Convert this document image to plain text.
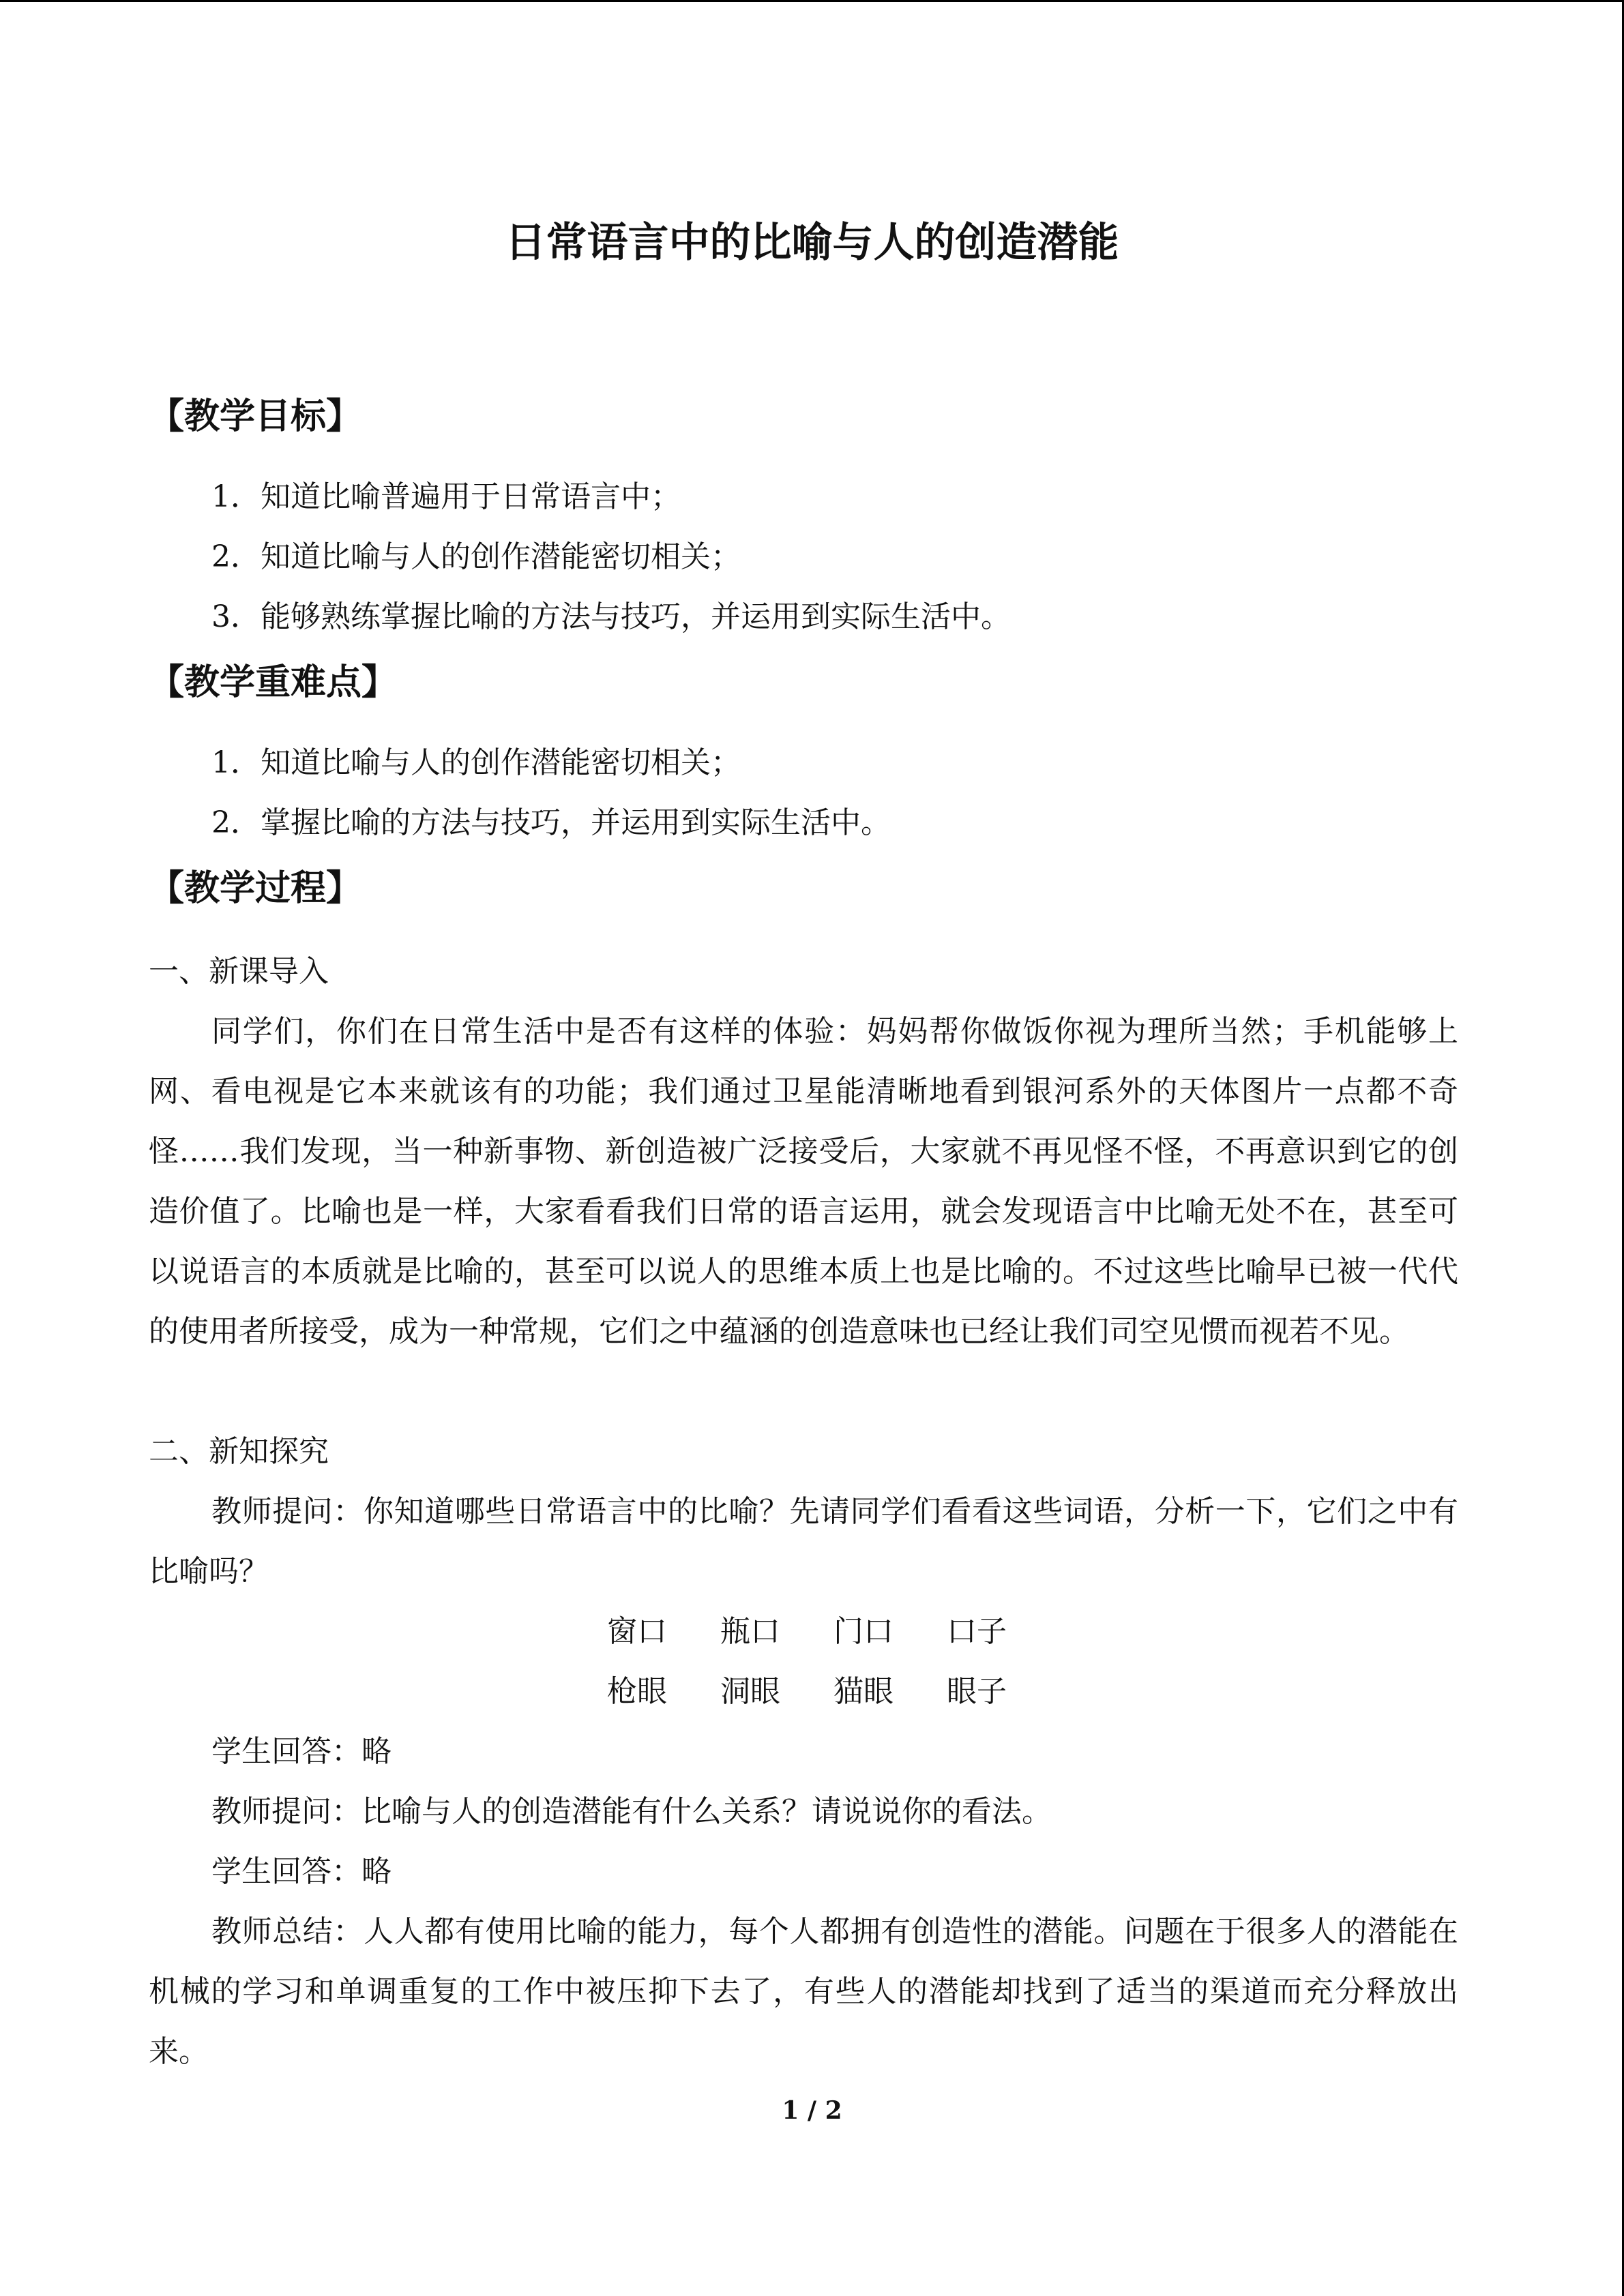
日常语言中的比喻与人的创造潜能
【教学目标】
1．知道比喻普遍用于日常语言中；
2．知道比喻与人的创作潜能密切相关；
3．能够熟练掌握比喻的方法与技巧，并运用到实际生活中。
【教学重难点】
1．知道比喻与人的创作潜能密切相关；
2．掌握比喻的方法与技巧，并运用到实际生活中。
【教学过程】
一、新课导入
同学们，你们在日常生活中是否有这样的体验：妈妈帮你做饭你视为理所当然；手机能够上网、看电视是它本来就该有的功能；我们通过卫星能清晰地看到银河系外的天体图片一点都不奇怪……我们发现，当一种新事物、新创造被广泛接受后，大家就不再见怪不怪，不再意识到它的创造价值了。比喻也是一样，大家看看我们日常的语言运用，就会发现语言中比喻无处不在，甚至可以说语言的本质就是比喻的，甚至可以说人的思维本质上也是比喻的。不过这些比喻早已被一代代的使用者所接受，成为一种常规，它们之中蕴涵的创造意味也已经让我们司空见惯而视若不见。
二、新知探究
教师提问：你知道哪些日常语言中的比喻？先请同学们看看这些词语，分析一下，它们之中有比喻吗？
窗口 瓶口 门口 口子
枪眼 洞眼 猫眼 眼子
学生回答：略
教师提问：比喻与人的创造潜能有什么关系？请说说你的看法。
学生回答：略
教师总结：人人都有使用比喻的能力，每个人都拥有创造性的潜能。问题在于很多人的潜能在机械的学习和单调重复的工作中被压抑下去了，有些人的潜能却找到了适当的渠道而充分释放出来。
1 / 2
